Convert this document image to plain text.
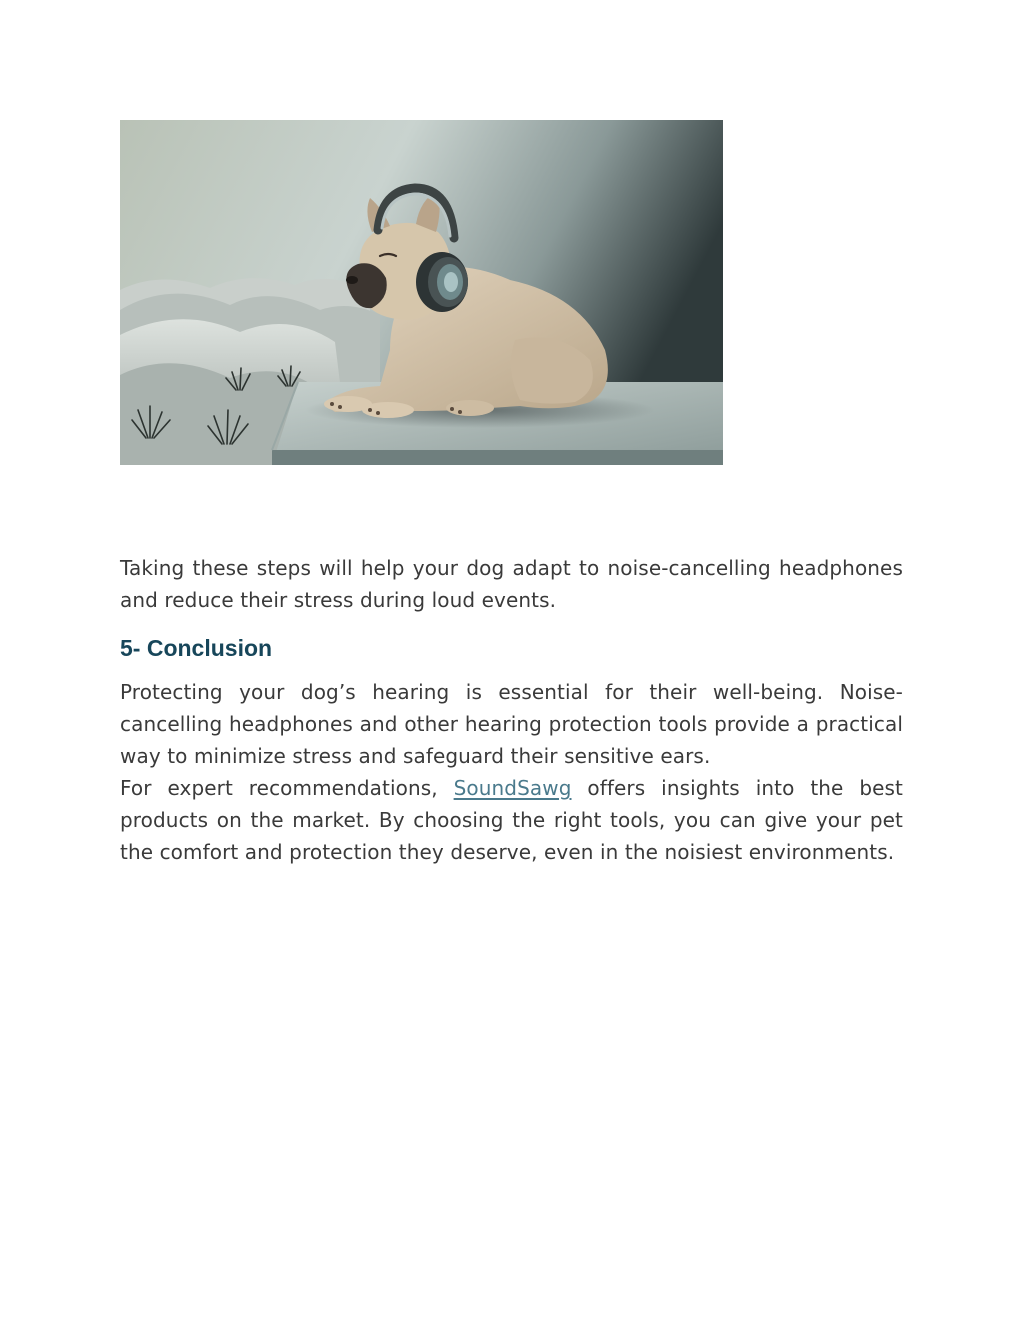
Taking these steps will help your dog adapt to noise-cancelling headphones and reduce their stress during loud events.

5- Conclusion

Protecting your dog’s hearing is essential for their well-being. Noise-cancelling headphones and other hearing protection tools provide a practical way to minimize stress and safeguard their sensitive ears.

For expert recommendations, SoundSawg offers insights into the best products on the market. By choosing the right tools, you can give your pet the comfort and protection they deserve, even in the noisiest environments.
